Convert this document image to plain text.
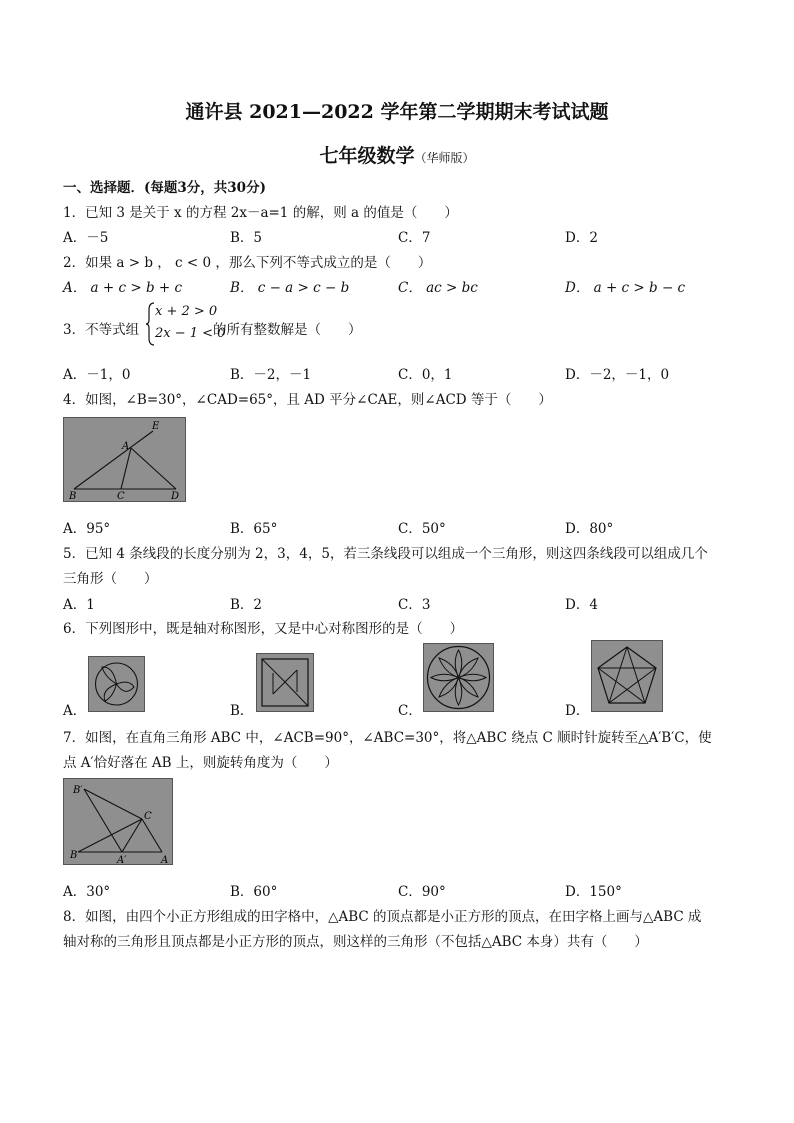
通许县 2021—2022 学年第二学期期末考试试题
七年级数学（华师版）
一、选择题．(每题3分，共30分)
1．已知 3 是关于 x 的方程 2x－a=1 的解，则 a 的值是（　　）
A．－5	B．5	C．7	D．2
2．如果 a > b ， c < 0 ，那么下列不等式成立的是（　　）
A． a + c > b + c	B． c − a > c − b	C． ac > bc	D． a + c > b − c
3．不等式组
x + 2 > 0
2x − 1 < 0
的所有整数解是（　　）
A．－1，0	B．－2，－1	C．0，1	D．－2，－1，0
4．如图，∠B=30°，∠CAD=65°，且 AD 平分∠CAE，则∠ACD 等于（　　）
E
A
B	C	D
A．95°	B．65°	C．50°	D．80°
5．已知 4 条线段的长度分别为 2，3，4，5，若三条线段可以组成一个三角形，则这四条线段可以组成几个
三角形（　　）
A．1	B．2	C．3	D．4
6．下列图形中，既是轴对称图形，又是中心对称图形的是（　　）
A．	B．	C．	D．
7．如图，在直角三角形 ABC 中，∠ACB=90°，∠ABC=30°，将△ABC 绕点 C 顺时针旋转至△A′B′C，使
点 A′恰好落在 AB 上，则旋转角度为（　　）
B′
C
B	A′	A
A．30°	B．60°	C．90°	D．150°
8．如图，由四个小正方形组成的田字格中，△ABC 的顶点都是小正方形的顶点，在田字格上画与△ABC 成
轴对称的三角形且顶点都是小正方形的顶点，则这样的三角形（不包括△ABC 本身）共有（　　）
